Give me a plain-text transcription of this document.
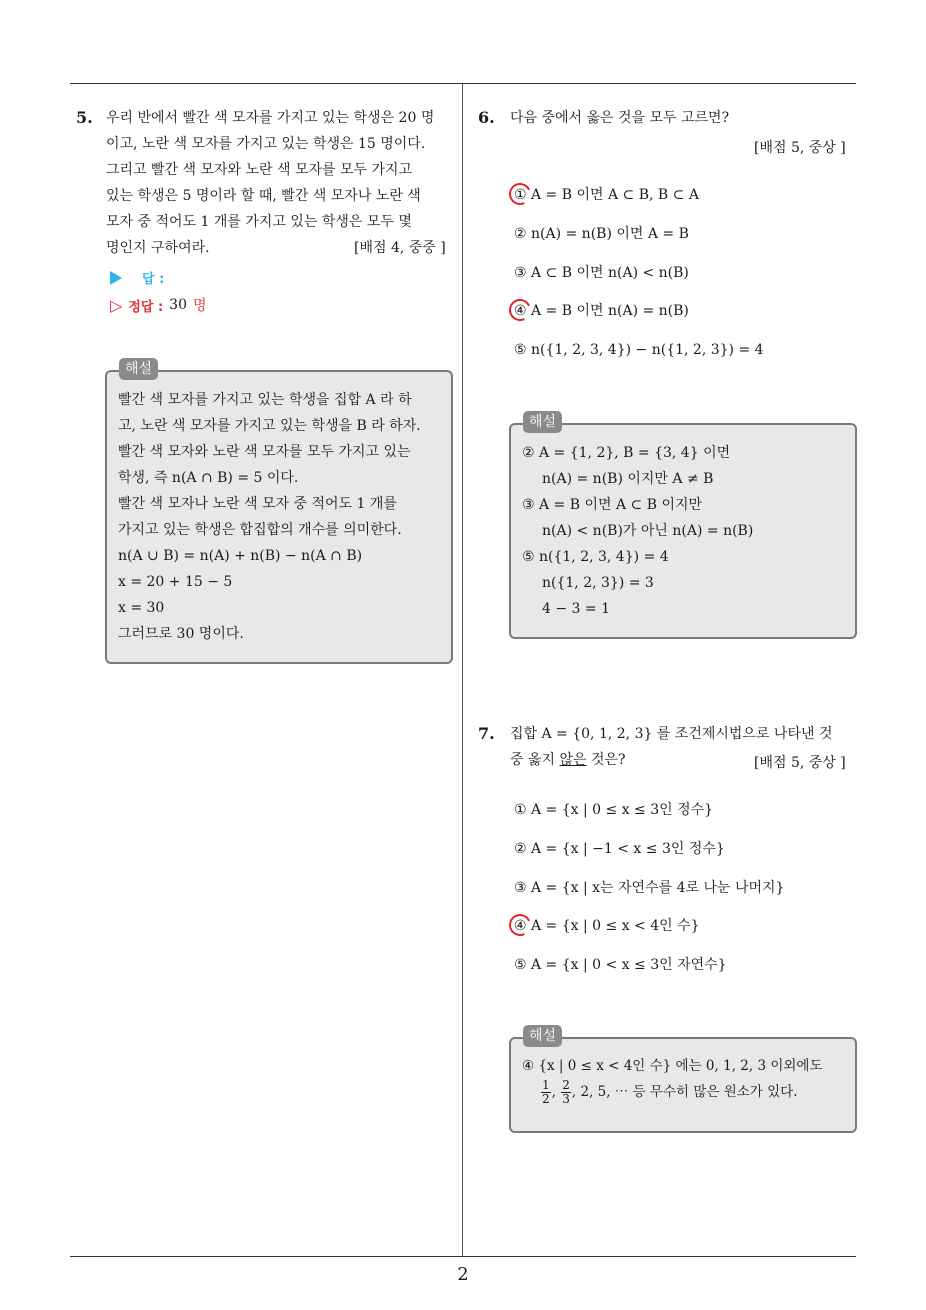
2
5. 우리 반에서 빨간 색 모자를 가지고 있는 학생은 20 명
이고, 노란 색 모자를 가지고 있는 학생은 15 명이다.
그리고 빨간 색 모자와 노란 색 모자를 모두 가지고
있는 학생은 5 명이라 할 때, 빨간 색 모자나 노란 색
모자 중 적어도 1 개를 가지고 있는 학생은 모두 몇
명인지 구하여라.	[배점 4, 중중 ]
답 :
▷ 정답 : 30 명
해설
빨간 색 모자를 가지고 있는 학생을 집합 A 라 하
고, 노란 색 모자를 가지고 있는 학생을 B 라 하자.
빨간 색 모자와 노란 색 모자를 모두 가지고 있는
학생, 즉 n(A ∩ B) = 5 이다.
빨간 색 모자나 노란 색 모자 중 적어도 1 개를
가지고 있는 학생은 합집합의 개수를 의미한다.
n(A ∪ B) = n(A) + n(B) − n(A ∩ B)
x = 20 + 15 − 5
x = 30
그러므로 30 명이다.
6. 다음 중에서 옳은 것을 모두 고르면?
[배점 5, 중상 ]
① A = B 이면 A ⊂ B, B ⊂ A
② n(A) = n(B) 이면 A = B
③ A ⊂ B 이면 n(A) < n(B)
④ A = B 이면 n(A) = n(B)
⑤ n({1, 2, 3, 4}) − n({1, 2, 3}) = 4
해설
② A = {1, 2}, B = {3, 4} 이면
n(A) = n(B) 이지만 A ≠ B
③ A = B 이면 A ⊂ B 이지만
n(A) < n(B)가 아닌 n(A) = n(B)
⑤ n({1, 2, 3, 4}) = 4
n({1, 2, 3}) = 3
4 − 3 = 1
7. 집합 A = {0, 1, 2, 3} 를 조건제시법으로 나타낸 것
중 옳지 않은 것은?	[배점 5, 중상 ]
① A = {x | 0 ≤ x ≤ 3인 정수}
② A = {x | −1 < x ≤ 3인 정수}
③ A = {x | x는 자연수를 4로 나눈 나머지}
④ A = {x | 0 ≤ x < 4인 수}
⑤ A = {x | 0 < x ≤ 3인 자연수}
해설
④ {x | 0 ≤ x < 4인 수} 에는 0, 1, 2, 3 이외에도
$\frac{1}{2}$ , $\frac{2}{3}$ , 2, 5, ⋯ 등 무수히 많은 원소가 있다.
